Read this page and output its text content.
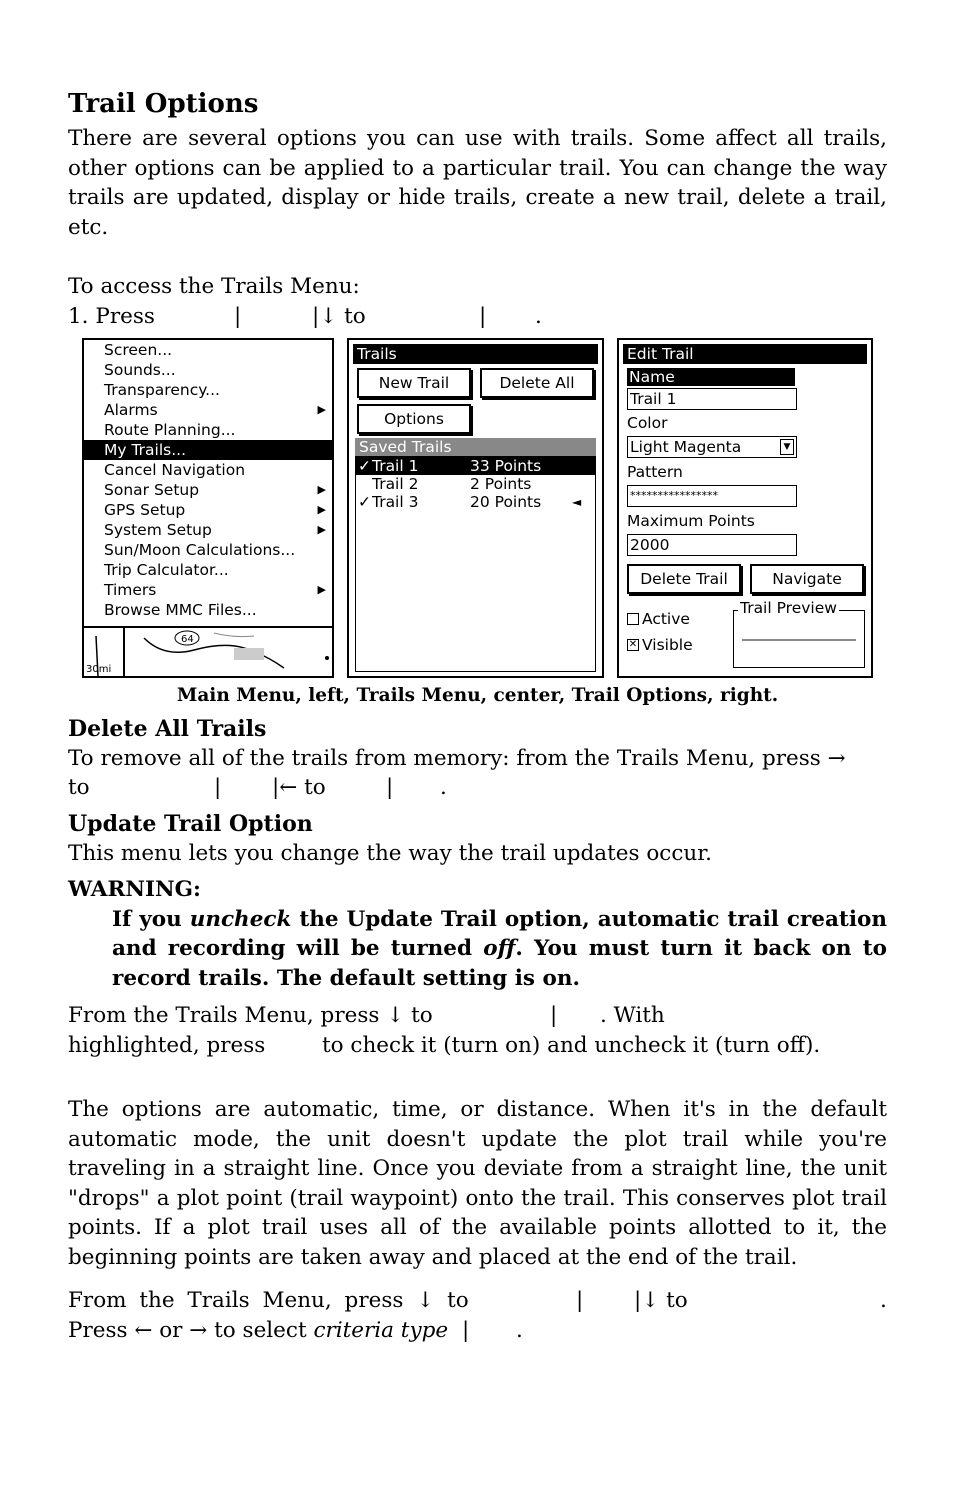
Trail Options

There are several options you can use with trails. Some affect all trails, other options can be applied to a particular trail. You can change the way trails are updated, display or hide trails, create a new trail, delete a trail, etc.

To access the Trails Menu:

1. Press	|	|↓ to	| .
Screen...
Sounds...
Transparency...
Alarms	▶
Route Planning...
My Trails...
Cancel Navigation
Sonar Setup	▶
GPS Setup	▶
System Setup	▶
Sun/Moon Calculations...
Trip Calculator...
Timers	▶
Browse MMC Files...
64
30mi
Trails
New Trail	Delete All
Options
Saved Trails
✓ Trail 1	33 Points
Trail 2	2 Points
✓ Trail 3	20 Points	◄
Edit Trail
Name
Trail 1
Color
Light Magenta	▼
Pattern
****************
Maximum Points
2000
Delete Trail	Navigate
Active
✕ Visible
Trail Preview
Main Menu, left, Trails Menu, center, Trail Options, right.
Delete All Trails

To remove all of the trails from memory: from the Trails Menu, press →

to	| |← to	| .
Update Trail Option

This menu lets you change the way the trail updates occur.

WARNING:
If you uncheck the Update Trail option, automatic trail creation and recording will be turned off. You must turn it back on to record trails. The default setting is on.
From the Trails Menu, press ↓ to	| . With
highlighted, press	to check it (turn on) and uncheck it (turn off).

The options are automatic, time, or distance. When it's in the default automatic mode, the unit doesn't update the plot trail while you're traveling in a straight line. Once you deviate from a straight line, the unit "drops" a plot point (trail waypoint) onto the trail. This conserves plot trail points. If a plot trail uses all of the available points allotted to it, the beginning points are taken away and placed at the end of the trail.

From the Trails Menu, press ↓ to	| |↓ to	.
Press ← or → to select criteria type | .
